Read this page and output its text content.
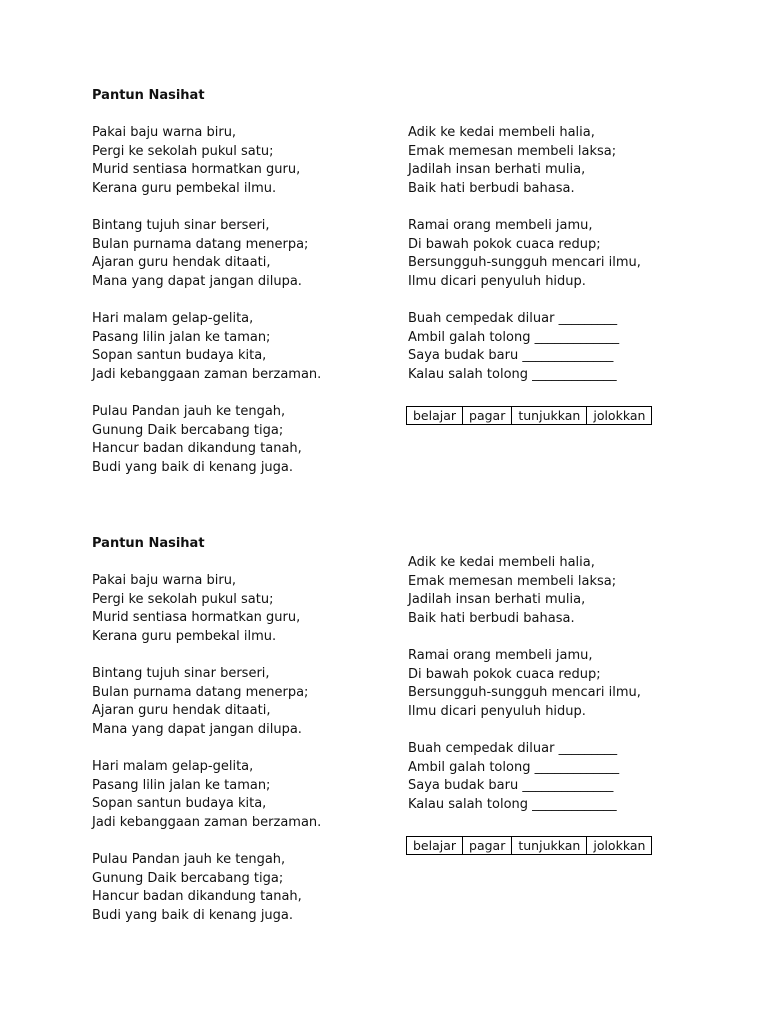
Pantun Nasihat
Pakai baju warna biru,
Pergi ke sekolah pukul satu;
Murid sentiasa hormatkan guru,
Kerana guru pembekal ilmu.
Bintang tujuh sinar berseri,
Bulan purnama datang menerpa;
Ajaran guru hendak ditaati,
Mana yang dapat jangan dilupa.
Hari malam gelap-gelita,
Pasang lilin jalan ke taman;
Sopan santun budaya kita,
Jadi kebanggaan zaman berzaman.
Pulau Pandan jauh ke tengah,
Gunung Daik bercabang tiga;
Hancur badan dikandung tanah,
Budi yang baik di kenang juga.
Adik ke kedai membeli halia,
Emak memesan membeli laksa;
Jadilah insan berhati mulia,
Baik hati berbudi bahasa.
Ramai orang membeli jamu,
Di bawah pokok cuaca redup;
Bersungguh-sungguh mencari ilmu,
Ilmu dicari penyuluh hidup.
Buah cempedak diluar _________
Ambil galah tolong _____________
Saya budak baru ______________
Kalau salah tolong _____________
belajar	pagar	tunjukkan	jolokkan
Pantun Nasihat
Pakai baju warna biru,
Pergi ke sekolah pukul satu;
Murid sentiasa hormatkan guru,
Kerana guru pembekal ilmu.
Bintang tujuh sinar berseri,
Bulan purnama datang menerpa;
Ajaran guru hendak ditaati,
Mana yang dapat jangan dilupa.
Hari malam gelap-gelita,
Pasang lilin jalan ke taman;
Sopan santun budaya kita,
Jadi kebanggaan zaman berzaman.
Pulau Pandan jauh ke tengah,
Gunung Daik bercabang tiga;
Hancur badan dikandung tanah,
Budi yang baik di kenang juga.
Adik ke kedai membeli halia,
Emak memesan membeli laksa;
Jadilah insan berhati mulia,
Baik hati berbudi bahasa.
Ramai orang membeli jamu,
Di bawah pokok cuaca redup;
Bersungguh-sungguh mencari ilmu,
Ilmu dicari penyuluh hidup.
Buah cempedak diluar _________
Ambil galah tolong _____________
Saya budak baru ______________
Kalau salah tolong _____________
belajar	pagar	tunjukkan	jolokkan
